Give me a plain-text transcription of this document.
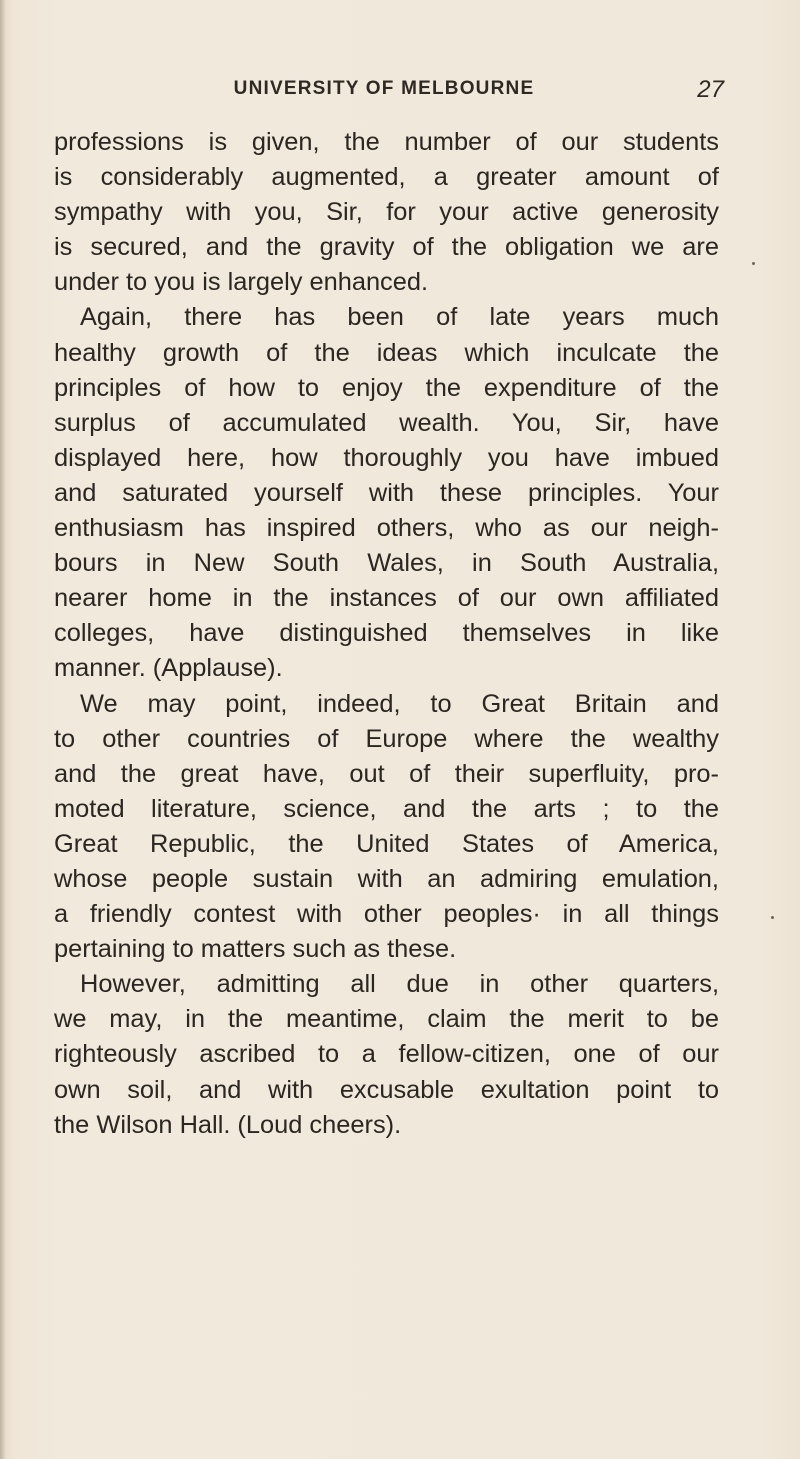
UNIVERSITY OF MELBOURNE	27
professions is given, the number of our students
is considerably augmented, a greater amount of
sympathy with you, Sir, for your active generosity
is secured, and the gravity of the obligation we are
under to you is largely enhanced.
Again, there has been of late years much
healthy growth of the ideas which inculcate the
principles of how to enjoy the expenditure of the
surplus of accumulated wealth. You, Sir, have
displayed here, how thoroughly you have imbued
and saturated yourself with these principles. Your
enthusiasm has inspired others, who as our neigh-
bours in New South Wales, in South Australia,
nearer home in the instances of our own affiliated
colleges, have distinguished themselves in like
manner. (Applause).
We may point, indeed, to Great Britain and
to other countries of Europe where the wealthy
and the great have, out of their superfluity, pro-
moted literature, science, and the arts ; to the
Great Republic, the United States of America,
whose people sustain with an admiring emulation,
a friendly contest with other peoples· in all things
pertaining to matters such as these.
However, admitting all due in other quarters,
we may, in the meantime, claim the merit to be
righteously ascribed to a fellow-citizen, one of our
own soil, and with excusable exultation point to
the Wilson Hall. (Loud cheers).
